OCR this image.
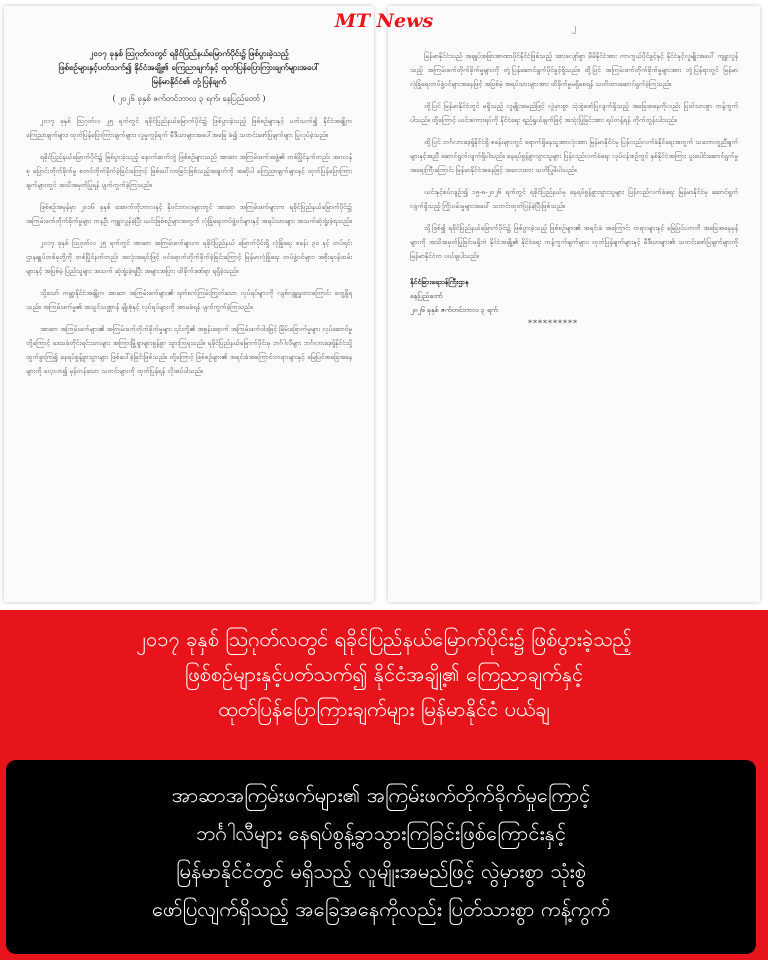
MT News
၂၀၁၇ ခုနှစ် ဩဂုတ်လတွင် ရခိုင်ပြည်နယ်မြောက်ပိုင်း၌ ဖြစ်ပွားခဲ့သည့်
ဖြစ်စဉ်များနှင့်ပတ်သက်၍ နိုင်ငံအချို့၏ ကြေညာချက်နှင့် ထုတ်ပြန်ပြောကြားချက်များအပေါ်
မြန်မာနိုင်ငံ၏ တုံ့ပြန်ချက်
( ၂၀၂၆ ခုနှစ် ဇက်တင်ဘာလ ၃ ရက်၊ နေပြည်တော် )

၂၀၁၇ ခုနှစ် ဩဂုတ်လ ၂၅ ရက်တွင် ရခိုင်ပြည်နယ်မြောက်ပိုင်း၌ ဖြစ်ပွားခဲ့သည့် ဖြစ်စဉ်များနှင့် ပတ်သက်၍ နိုင်ငံအချို့က ကြေညာချက်များ၊ ထုတ်ပြန်ပြောကြားချက်များ၊ လူမှုကွန်ရက် မီဒီယာများအပေါ်အခြေ ခံ၍ သတင်းဖော်ပြချက်များ ပြုလုပ်ခဲ့သည်။

ရခိုင်ပြည်နယ်မြောက်ပိုင်း၌ ဖြစ်ပွားခဲ့သည့် နောက်ဆက်တွဲ ဖြစ်စဉ်များသည် အာဆာ အကြမ်းဖက်အဖွဲ့၏ တစ်ပြိုင်နက်တည်း အဂလန်စု ပြောင်းတိုက်ခိုက်မှု စတင်တိုက်ခိုက်ခဲ့ခြင်းကြောင့် ဖြစ်ပေါ်လာခြင်းဖြစ်သည့်အချက်ကို အဆိုပါ ကြေညာချက်များနှင့် ထုတ်ပြန်ပြောကြားချက်များတွင် အသိအမှတ်ပြုရန် ပျက်ကွက်ခဲ့ကြသည်။

ဖြစ်စဉ်အမှန်မှာ ၂၀၁၆ ခုနှစ် အောက်တိုဘာလနှင့် နိုဝင်ဘာလများတွင် အာဆာ အကြမ်းဖက်များက ရခိုင်ပြည်နယ်မြောက်ပိုင်း၌ အကြမ်းဖက်တိုက်ခိုက်မှုများ ကနဦး ကျူးလွန်ခဲ့ပြီး ယင်းဖြစ်စဉ်များအတွက် လုံခြုံရေးတပ်ဖွဲ့ဝင်များနှင့် အရပ်သားများ အသက်ဆုံးရှုံးခဲ့ရသည်။

၂၀၁၇ ခုနှစ် ဩဂုတ်လ ၂၅ ရက်တွင် အာဆာ အကြမ်းဖက်များက ရခိုင်ပြည်နယ် မြောက်ပိုင်းရှိ လုံခြုံရေး စခန်း ၃၀ နှင့် တပ်ရင်းဌာနချုပ်တစ်ခုတို့ကို တစ်ပြိုင်နက်တည်း အလုံးအရင်းဖြင့် ဝင်ရောက်တိုက်ခိုက်ခဲ့ခြင်းကြောင့် မြန်မာလုံခြုံရေး တပ်ဖွဲ့ဝင်များ၊ အစိုးရဝန်ထမ်းများနှင့် အပြစ်မဲ့ ပြည်သူများ အသက် ဆုံးရှုံးခဲ့ရပြီး အများအပြား ထိခိုက်ဒဏ်ရာ ရရှိခဲ့သည်။

သို့သော် ကမ္ဘာ့နိုင်ငံအချို့က အာဆာ အကြမ်းဖက်များ၏ ရက်စက်ကြမ်းကြုတ်သော လုပ်ရပ်များကို လျစ်လျူရှုထားကြောင်း တွေ့ရှိရသည်။ အကြမ်းဖက်မှု၏ အသွင်သဏ္ဌာန် မျိုးစုံနှင့် လုပ်ရပ်များကို အာမခံရန် ပျက်ကွက်ခဲ့ကြသည်။

အာဆာ အကြမ်းဖက်များ၏ အကြမ်းဖက်တိုက်ခိုက်မှုများ ၎င်းတို့၏ အစွန်းရောက် အကြမ်းဖက်ဝါဒဖြင့် မြိမ်းခြောက်မှုများ လုပ်ဆောင်မှုတို့ကြောင့် ဒေသခံတိုင်းရင်းသားများ အကြားမြို့ရွာများစွန့်ခွာ သွားကြရသည်။ ရခိုင်ပြည်နယ်မြောက်ပိုင်းမှ ဘင်္ဂါလီများ ဘင်္ဂလားဒေ့ရှ်နိုင်ငံသို့ထွက်ခွာကြ၍ နေရပ်စွန့်ခွာသွားများ ဖြစ်ပေါ်ခဲ့ခြင်းဖြစ်သည်။ ထို့ကြောင့် ဖြစ်စဉ်များ၏ အရင်းခံအကြောင်းတရားများနှင့် မြေပြင်အခြေအနေများကို လေ့လာ၍ မှန်ကန်သော သတင်းများကို ထုတ်ပြန်ရန် လိုအပ်ပါသည်။

၂

မြန်မာနိုင်ငံသည် အချုပ်အခြာအာဏာပိုင်နိုင်ငံဖြစ်သည့် အားလျော်စွာ မိမိနိုင်ငံအား ကာကွယ်ပိုင်ခွင့်နှင့် နိုင်ငံနှင့်လူမျိုးအပေါ် ကျူးလွန်သည့် အကြမ်းဖက်တိုက်ခိုက်မှုများကို တုံ့ပြန်ဆောင်ရွက်ပိုင်ခွင့်ရှိသည်။ ထို့ပြင် အကြမ်းဖက်တိုက်ခိုက်မှုများအား တုံ့ပြန်ရာတွင် မြန်မာ လုံခြုံရေးတပ်ဖွဲ့ဝင်များအနေဖြင့် အပြစ်မဲ့ အရပ်သားများအား ထိခိုက်မှုမရှိစေရန် သတိထားဆောင်ရွက်ခဲ့ကြသည်။

ထို့ပြင် မြန်မာနိုင်ငံတွင် မရှိသည့် လူမျိုးအမည်ဖြင့် လွဲမှားစွာ သုံးစွဲဖော်ပြလျက်ရှိသည့် အခြေအနေကိုလည်း ပြတ်သားစွာ ကန့်ကွက်ပါသည်။ ထို့ကြောင့် ယင်းစကားရပ်ကို နိုင်ငံရေး ရည်ရွယ်ချက်ဖြင့် အသုံးပြုခြင်းအား ရပ်တန့်ရန် တိုက်တွန်းပါသည်။

ထို့ပြင် ဘင်္ဂလားဒေ့ရှ်နိုင်ငံရှိ စခန်းများတွင် ရောက်ရှိနေသူအားလုံးအား မြန်မာနိုင်ငံမှ ပြန်လည်လက်ခံနိုင်ရေးအတွက် သဘောတူညီချက်များနှင့်အညီ ဆောင်ရွက်လျက်ရှိပါသည်။ နေရပ်စွန့်ခွာသွားသူများ ပြန်လည်လက်ခံရေး လုပ်ငန်းစဉ်တွင် နှစ်နိုင်ငံအကြား ပူးပေါင်းဆောင်ရွက်မှု အရေးကြီးကြောင်း မြန်မာနိုင်ငံအနေဖြင့် အလေးထား သတိပြုမိပါသည်။

ယင်းနှင့်စပ်လျဉ်း၍ ၁၅-၈-၂၀၂၆ ရက်တွင် ရခိုင်ပြည်နယ်မှ နေရပ်စွန့်ခွာသွားသူများ ပြန်လည်လက်ခံရေး မြန်မာနိုင်ငံမှ ဆောင်ရွက်လျက်ရှိသည့် ကြိုးပမ်းမှုများအပေါ် သတင်းထုတ်ပြန်ခဲ့ပြီးဖြစ်သည်။

သို့ဖြစ်၍ ရခိုင်ပြည်နယ်မြောက်ပိုင်း၌ ဖြစ်ပွားခဲ့သည့် ဖြစ်စဉ်များ၏ အရင်းခံ အကြောင်း တရားများနှင့် မြေပြင်ပကတိ အခြေအနေမှန်များကို အသိအမှတ်ပြုခြင်းမရှိဘဲ နိုင်ငံအချို့၏ နိုင်ငံရေး ကန့်ကွက်ချက်များ၊ ထုတ်ပြန်ချက်များနှင့် မီဒီယာများ၏ သတင်းဖော်ပြချက်များကို မြန်မာနိုင်ငံက ပယ်ချပါသည်။

နိုင်ငံခြားရေးဝန်ကြီးဌာန
နေပြည်တော်
၂၀၂၆ ခုနှစ် ဇက်တင်ဘာလ ၃ ရက်
**********
၂၀၁၇ ခုနှစ် ဩဂုတ်လတွင် ရခိုင်ပြည်နယ်မြောက်ပိုင်း၌ ဖြစ်ပွားခဲ့သည့်
ဖြစ်စဉ်များနှင့်ပတ်သက်၍ နိုင်ငံအချို့၏ ကြေညာချက်နှင့်
ထုတ်ပြန်ပြောကြားချက်များ မြန်မာနိုင်ငံ ပယ်ချ
အာဆာအကြမ်းဖက်များ၏ အကြမ်းဖက်တိုက်ခိုက်မှုကြောင့်
ဘင်္ဂါလီများ နေရပ်စွန့်ခွာသွားကြခြင်းဖြစ်ကြောင်းနှင့်
မြန်မာနိုင်ငံတွင် မရှိသည့် လူမျိုးအမည်ဖြင့် လွဲမှားစွာ သုံးစွဲ
ဖော်ပြလျက်ရှိသည့် အခြေအနေကိုလည်း ပြတ်သားစွာ ကန့်ကွက်
